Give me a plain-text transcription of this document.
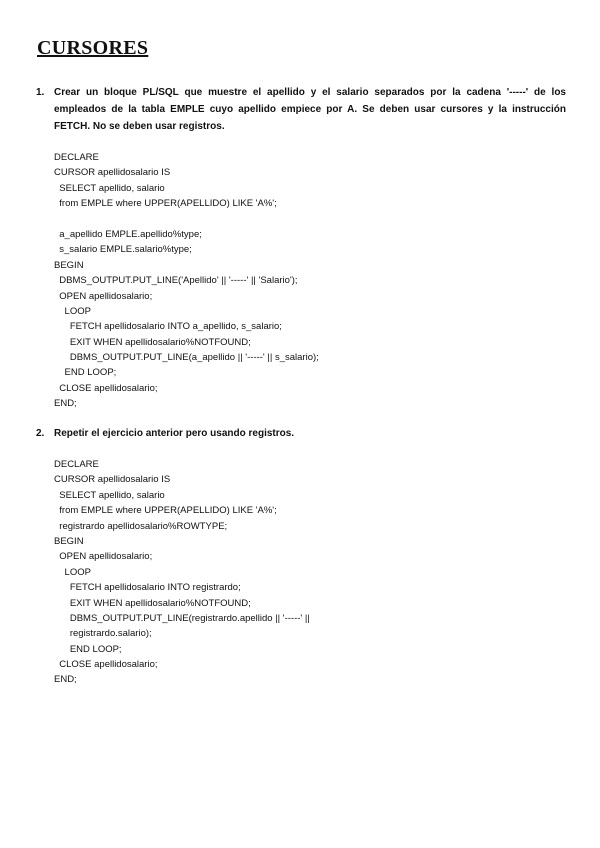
CURSORES
1. Crear un bloque PL/SQL que muestre el apellido y el salario separados por la cadena '-----' de los empleados de la tabla EMPLE cuyo apellido empiece por A. Se deben usar cursores y la instrucción FETCH. No se deben usar registros.
DECLARE
CURSOR apellidosalario IS
SELECT apellido, salario
from EMPLE where UPPER(APELLIDO) LIKE 'A%';
a_apellido EMPLE.apellido%type;
s_salario EMPLE.salario%type;
BEGIN
DBMS_OUTPUT.PUT_LINE('Apellido' || '-----' || 'Salario');
OPEN apellidosalario;
LOOP
FETCH apellidosalario INTO a_apellido, s_salario;
EXIT WHEN apellidosalario%NOTFOUND;
DBMS_OUTPUT.PUT_LINE(a_apellido || '-----' || s_salario);
END LOOP;
CLOSE apellidosalario;
END;
2. Repetir el ejercicio anterior pero usando registros.
DECLARE
CURSOR apellidosalario IS
SELECT apellido, salario
from EMPLE where UPPER(APELLIDO) LIKE 'A%';
registrardo apellidosalario%ROWTYPE;
BEGIN
OPEN apellidosalario;
LOOP
FETCH apellidosalario INTO registrardo;
EXIT WHEN apellidosalario%NOTFOUND;
DBMS_OUTPUT.PUT_LINE(registrardo.apellido || '-----' ||
registrardo.salario);
END LOOP;
CLOSE apellidosalario;
END;
